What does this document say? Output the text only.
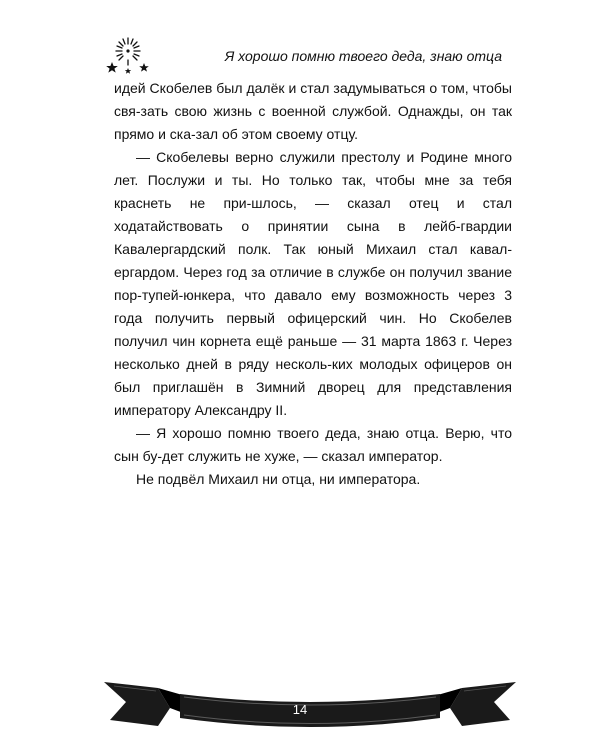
Я хорошо помню твоего деда, знаю отца

идей Скобелев был далёк и стал задумываться о том, чтобы свя-зать свою жизнь с военной службой. Однажды, он так прямо и ска-зал об этом своему отцу.

— Скобелевы верно служили престолу и Родине много лет. Послужи и ты. Но только так, чтобы мне за тебя краснеть не при-шлось, — сказал отец и стал ходатайствовать о принятии сына в лейб-гвардии Кавалергардский полк. Так юный Михаил стал кавал-ергардом. Через год за отличие в службе он получил звание пор-тупей-юнкера, что давало ему возможность через 3 года получить первый офицерский чин. Но Скобелев получил чин корнета ещё раньше — 31 марта 1863 г. Через несколько дней в ряду несколь-ких молодых офицеров он был приглашён в Зимний дворец для представления императору Александру II.

— Я хорошо помню твоего деда, знаю отца. Верю, что сын бу-дет служить не хуже, — сказал император.

Не подвёл Михаил ни отца, ни императора.

14
